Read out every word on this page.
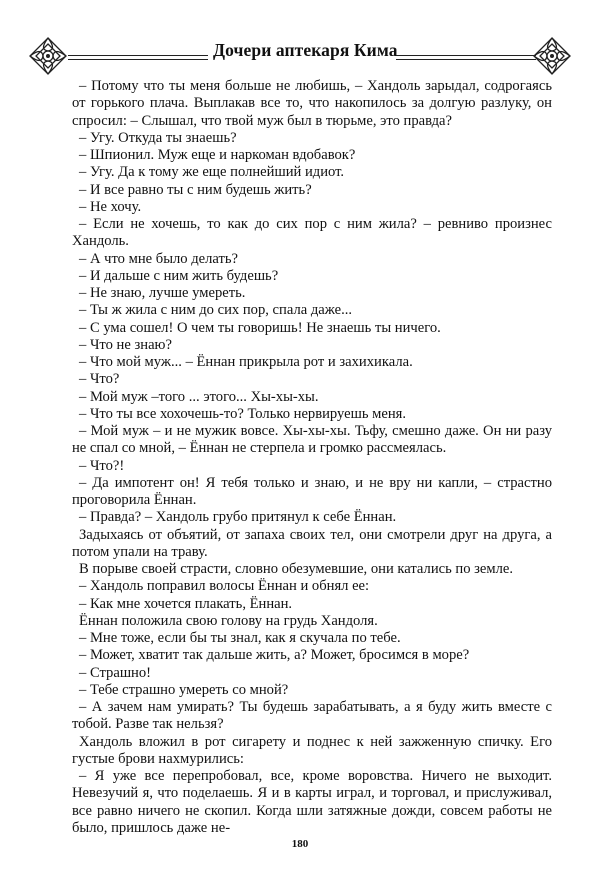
Дочери аптекаря Кима

– Потому что ты меня больше не любишь, – Хандоль зарыдал, содрогаясь от горького плача. Выплакав все то, что накопилось за долгую разлуку, он спросил: – Слышал, что твой муж был в тюрьме, это правда?

– Угу. Откуда ты знаешь?

– Шпионил. Муж еще и наркоман вдобавок?

– Угу. Да к тому же еще полнейший идиот.

– И все равно ты с ним будешь жить?

– Не хочу.

– Если не хочешь, то как до сих пор с ним жила? – ревниво произнес Хандоль.

– А что мне было делать?

– И дальше с ним жить будешь?

– Не знаю, лучше умереть.

– Ты ж жила с ним до сих пор, спала даже...

– С ума сошел! О чем ты говоришь! Не знаешь ты ничего.

– Что не знаю?

– Что мой муж... – Ённан прикрыла рот и захихикала.

– Что?

– Мой муж –того ... этого... Хы-хы-хы.

– Что ты все хохочешь-то? Только нервируешь меня.

– Мой муж – и не мужик вовсе. Хы-хы-хы. Тьфу, смешно даже. Он ни разу не спал со мной, – Ённан не стерпела и громко рассмеялась.

– Что?!

– Да импотент он! Я тебя только и знаю, и не вру ни капли, – страстно проговорила Ённан.

– Правда? – Хандоль грубо притянул к себе Ённан.

Задыхаясь от объятий, от запаха своих тел, они смотрели друг на друга, а потом упали на траву.

В порыве своей страсти, словно обезумевшие, они катались по земле.

– Хандоль поправил волосы Ённан и обнял ее:

– Как мне хочется плакать, Ённан.

Ённан положила свою голову на грудь Хандоля.

– Мне тоже, если бы ты знал, как я скучала по тебе.

– Может, хватит так дальше жить, а? Может, бросимся в море?

– Страшно!

– Тебе страшно умереть со мной?

– А зачем нам умирать? Ты будешь зарабатывать, а я буду жить вместе с тобой. Разве так нельзя?

Хандоль вложил в рот сигарету и поднес к ней зажженную спичку. Его густые брови нахмурились:

– Я уже все перепробовал, все, кроме воровства. Ничего не выходит. Невезучий я, что поделаешь. Я и в карты играл, и торговал, и прислуживал, все равно ничего не скопил. Когда шли затяжные дожди, совсем работы не было, пришлось даже не-

180
